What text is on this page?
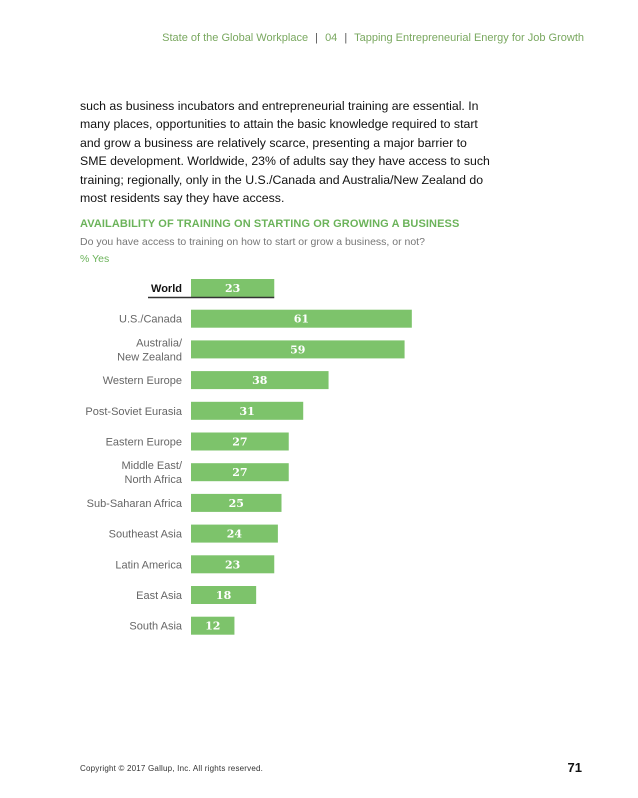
State of the Global Workplace | 04 | Tapping Entrepreneurial Energy for Job Growth

such as business incubators and entrepreneurial training are essential. In

many places, opportunities to attain the basic knowledge required to start

and grow a business are relatively scarce, presenting a major barrier to

SME development. Worldwide, 23% of adults say they have access to such

training; regionally, only in the U.S./Canada and Australia/New Zealand do

most residents say they have access.

AVAILABILITY OF TRAINING ON STARTING OR GROWING A BUSINESS
Do you have access to training on how to start or grow a business, or not?
% Yes
23
World
61
U.S./Canada
59
Australia/
New Zealand
38
Western Europe
31
Post-Soviet Eurasia
27
Eastern Europe
27
Middle East/
North Africa
25
Sub-Saharan Africa
24
Southeast Asia
23
Latin America
18
East Asia
12
South Asia
Copyright © 2017 Gallup, Inc. All rights reserved.	71
